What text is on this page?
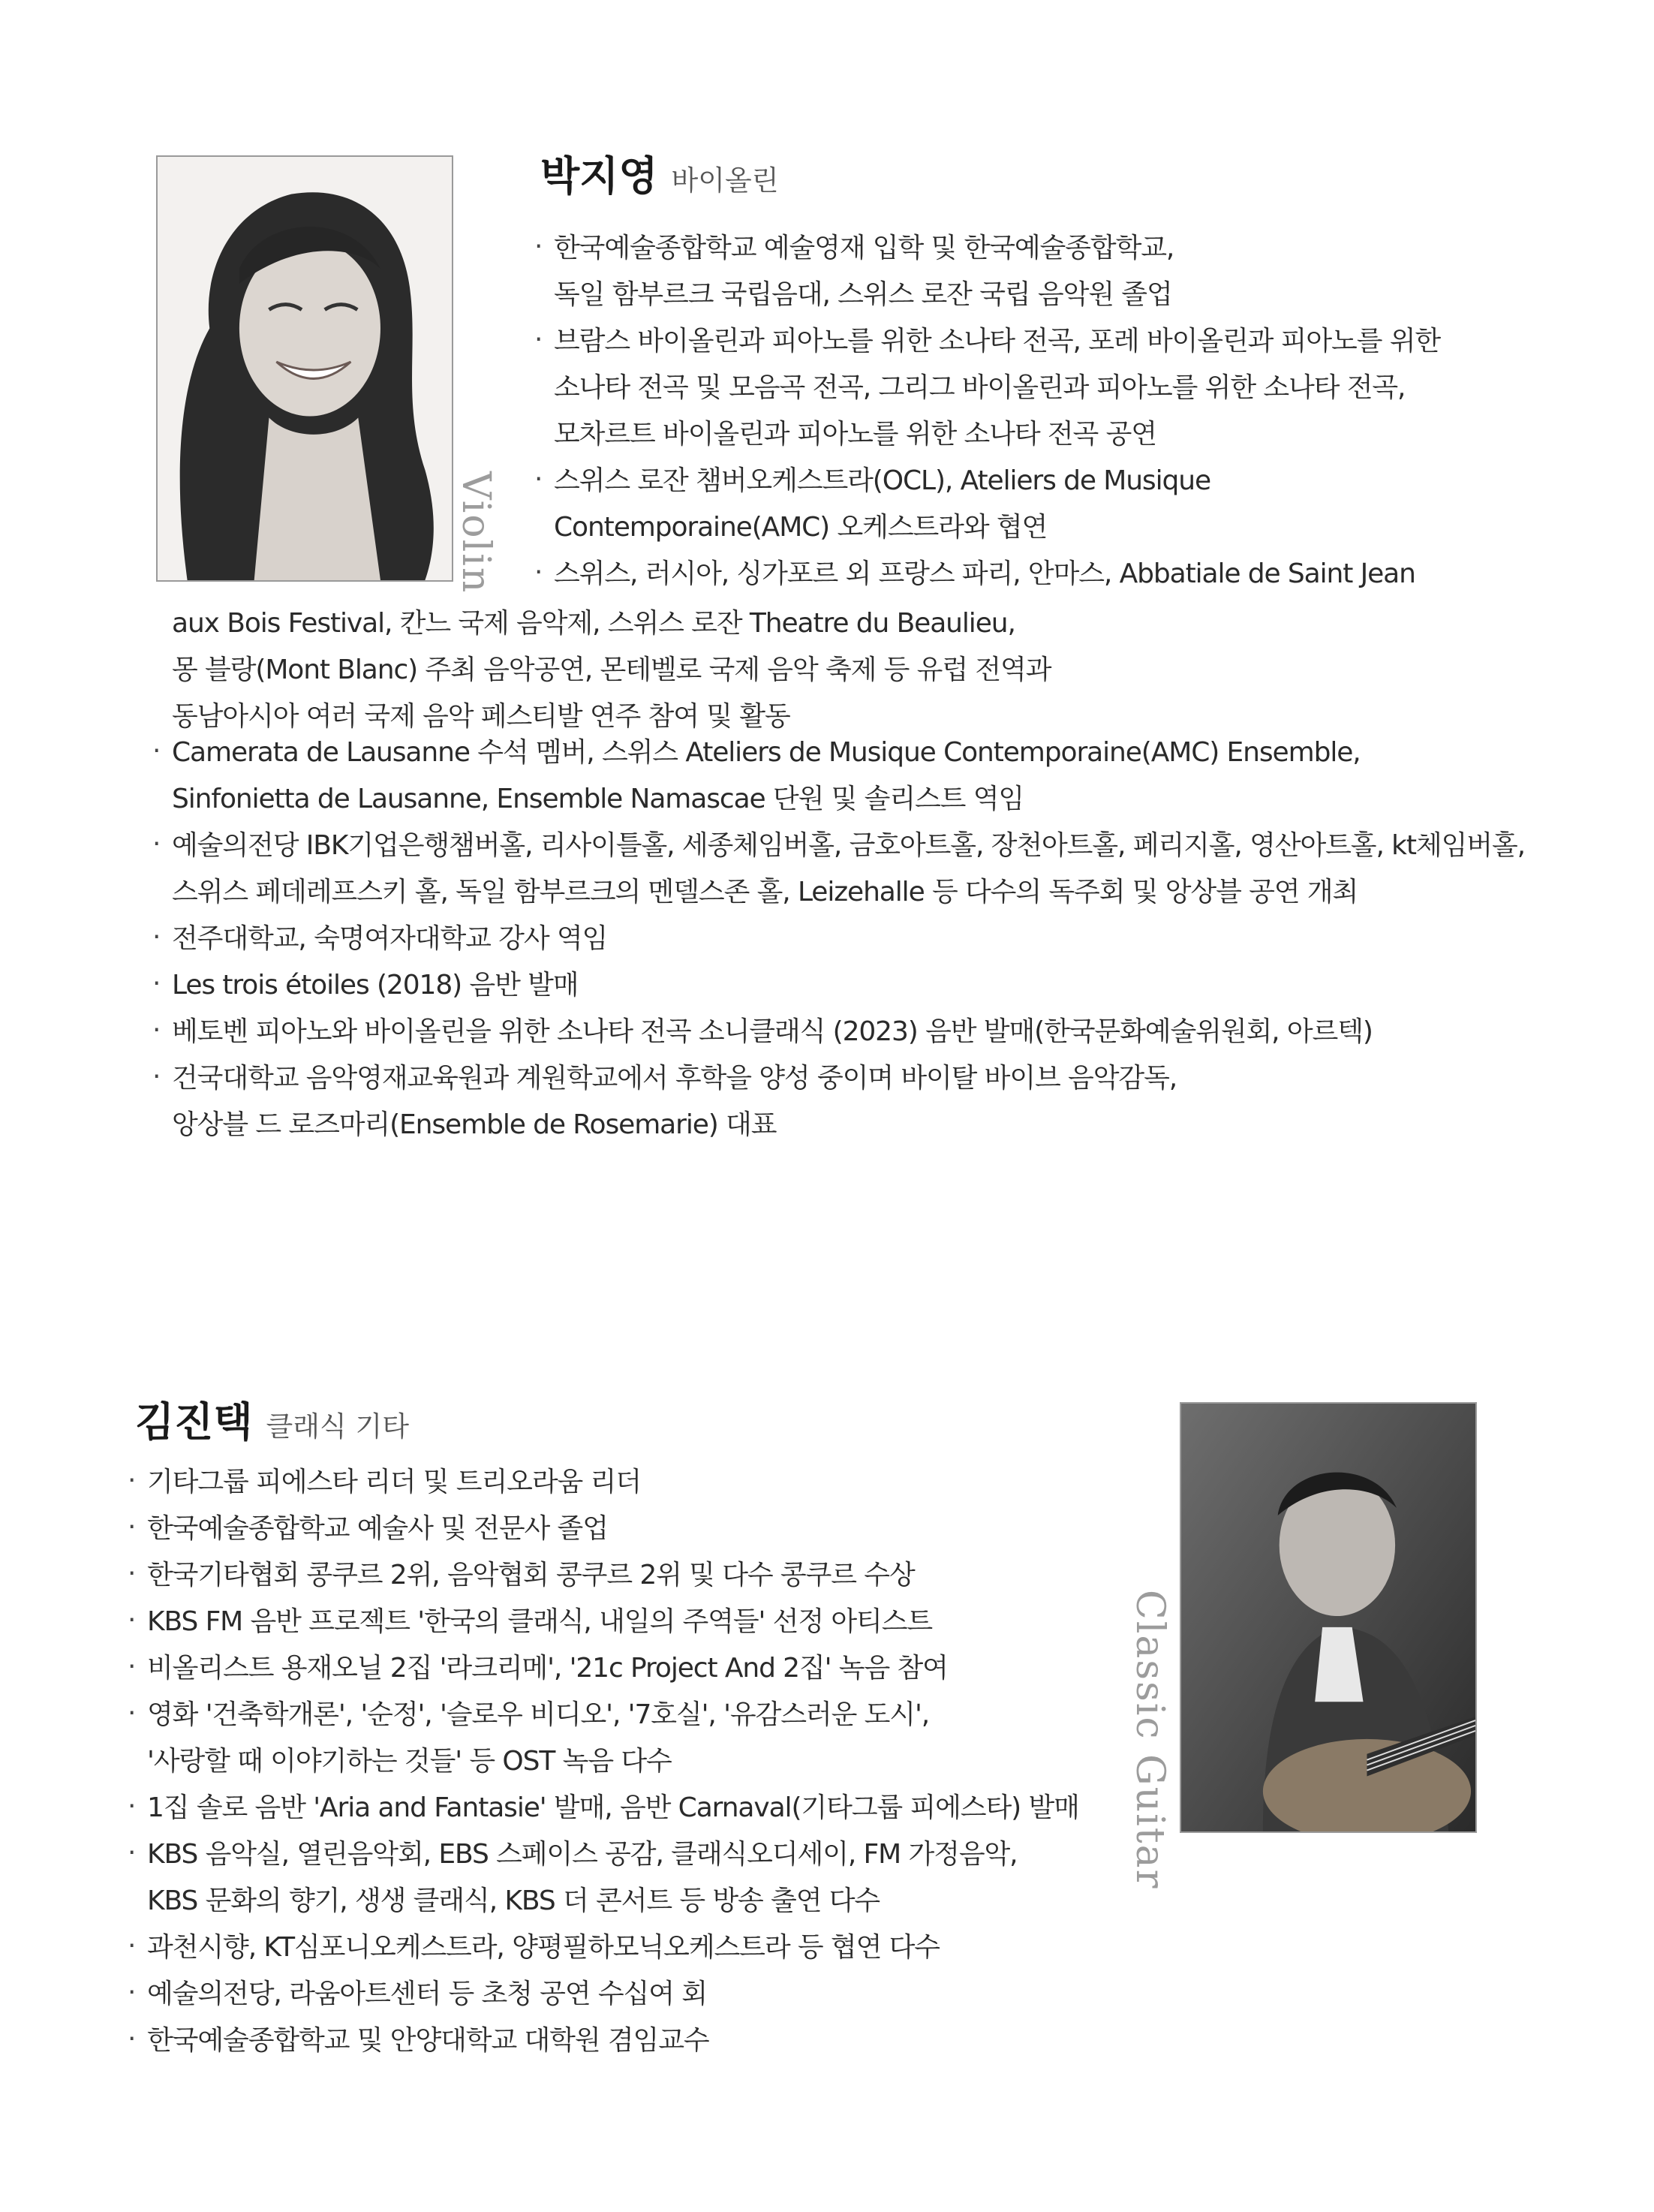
Violin
박지영 바이올린
· 한국예술종합학교 예술영재 입학 및 한국예술종합학교,
독일 함부르크 국립음대, 스위스 로잔 국립 음악원 졸업
· 브람스 바이올린과 피아노를 위한 소나타 전곡, 포레 바이올린과 피아노를 위한
소나타 전곡 및 모음곡 전곡, 그리그 바이올린과 피아노를 위한 소나타 전곡,
모차르트 바이올린과 피아노를 위한 소나타 전곡 공연
· 스위스 로잔 챔버오케스트라(OCL), Ateliers de Musique
Contemporaine(AMC) 오케스트라와 협연
· 스위스, 러시아, 싱가포르 외 프랑스 파리, 안마스, Abbatiale de Saint Jean
aux Bois Festival, 칸느 국제 음악제, 스위스 로잔 Theatre du Beaulieu,
몽 블랑(Mont Blanc) 주최 음악공연, 몬테벨로 국제 음악 축제 등 유럽 전역과
동남아시아 여러 국제 음악 페스티발 연주 참여 및 활동
· Camerata de Lausanne 수석 멤버, 스위스 Ateliers de Musique Contemporaine(AMC) Ensemble,
Sinfonietta de Lausanne, Ensemble Namascae 단원 및 솔리스트 역임
· 예술의전당 IBK기업은행챔버홀, 리사이틀홀, 세종체임버홀, 금호아트홀, 장천아트홀, 페리지홀, 영산아트홀, kt체임버홀,
스위스 페데레프스키 홀, 독일 함부르크의 멘델스존 홀, Leizehalle 등 다수의 독주회 및 앙상블 공연 개최
· 전주대학교, 숙명여자대학교 강사 역임
· Les trois étoiles (2018) 음반 발매
· 베토벤 피아노와 바이올린을 위한 소나타 전곡 소니클래식 (2023) 음반 발매(한국문화예술위원회, 아르텍)
· 건국대학교 음악영재교육원과 계원학교에서 후학을 양성 중이며 바이탈 바이브 음악감독,
앙상블 드 로즈마리(Ensemble de Rosemarie) 대표
김진택 클래식 기타
· 기타그룹 피에스타 리더 및 트리오라움 리더
· 한국예술종합학교 예술사 및 전문사 졸업
· 한국기타협회 콩쿠르 2위, 음악협회 콩쿠르 2위 및 다수 콩쿠르 수상
· KBS FM 음반 프로젝트 '한국의 클래식, 내일의 주역들' 선정 아티스트
· 비올리스트 용재오닐 2집 '라크리메', '21c Project And 2집' 녹음 참여
· 영화 '건축학개론', '순정', '슬로우 비디오', '7호실', '유감스러운 도시',
'사랑할 때 이야기하는 것들' 등 OST 녹음 다수
· 1집 솔로 음반 'Aria and Fantasie' 발매, 음반 Carnaval(기타그룹 피에스타) 발매
· KBS 음악실, 열린음악회, EBS 스페이스 공감, 클래식오디세이, FM 가정음악,
KBS 문화의 향기, 생생 클래식, KBS 더 콘서트 등 방송 출연 다수
· 과천시향, KT심포니오케스트라, 양평필하모닉오케스트라 등 협연 다수
· 예술의전당, 라움아트센터 등 초청 공연 수십여 회
· 한국예술종합학교 및 안양대학교 대학원 겸임교수
Classic Guitar
